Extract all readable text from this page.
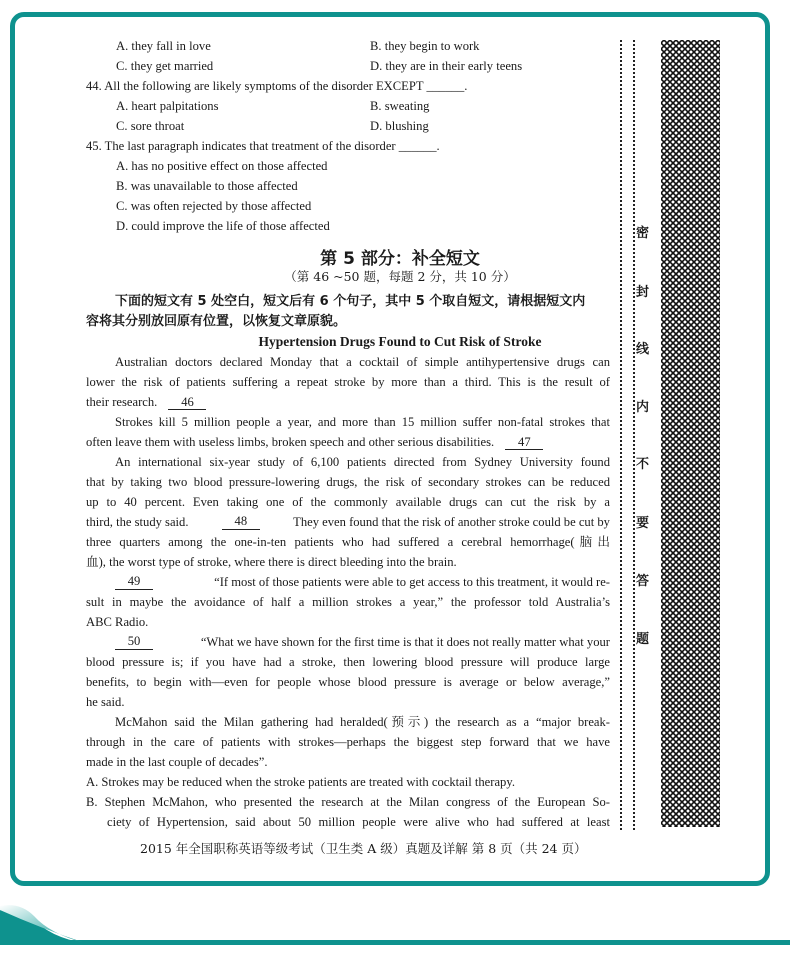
A. they fall in love	B. they begin to work
C. they get married	D. they are in their early teens
44. All the following are likely symptoms of the disorder EXCEPT ______.
A. heart palpitations	B. sweating
C. sore throat	D. blushing
45. The last paragraph indicates that treatment of the disorder ______.
A. has no positive effect on those affected
B. was unavailable to those affected
C. was often rejected by those affected
D. could improve the life of those affected
第 5 部分：补全短文
（第 46 ~50 题，每题 2 分，共 10 分）
下面的短文有 5 处空白，短文后有 6 个句子，其中 5 个取自短文，请根据短文内
容将其分别放回原有位置，以恢复文章原貌。
Hypertension Drugs Found to Cut Risk of Stroke
Australian doctors declared Monday that a cocktail of simple antihypertensive drugs can
lower the risk of patients suffering a repeat stroke by more than a third. This is the result of
their research. 46
Strokes kill 5 million people a year, and more than 15 million suffer non-fatal strokes that
often leave them with useless limbs, broken speech and other serious disabilities. 47
An international six-year study of 6,100 patients directed from Sydney University found
that by taking two blood pressure-lowering drugs, the risk of secondary strokes can be reduced
up to 40 percent. Even taking one of the commonly available drugs can cut the risk by a
third, the study said.	48	They even found that the risk of another stroke could be cut by
three quarters among the one-in-ten patients who had suffered a cerebral hemorrhage(脑出
血), the worst type of stroke, where there is direct bleeding into the brain.
49	“If most of those patients were able to get access to this treatment, it would re-
sult in maybe the avoidance of half a million strokes a year,” the professor told Australia’s
ABC Radio.
50	“What we have shown for the first time is that it does not really matter what your
blood pressure is; if you have had a stroke, then lowering blood pressure will produce large
benefits, to begin with—even for people whose blood pressure is average or below average,”
he said.
McMahon said the Milan gathering had heralded(预示) the research as a “major break-
through in the care of patients with strokes—perhaps the biggest step forward that we have
made in the last couple of decades”.
A. Strokes may be reduced when the stroke patients are treated with cocktail therapy.
B. Stephen McMahon, who presented the research at the Milan congress of the European So-
ciety of Hypertension, said about 50 million people were alive who had suffered at least
2015 年全国职称英语等级考试（卫生类 A 级）真题及详解 第 8 页（共 24 页）
密
封
线
内
不
要
答
题
